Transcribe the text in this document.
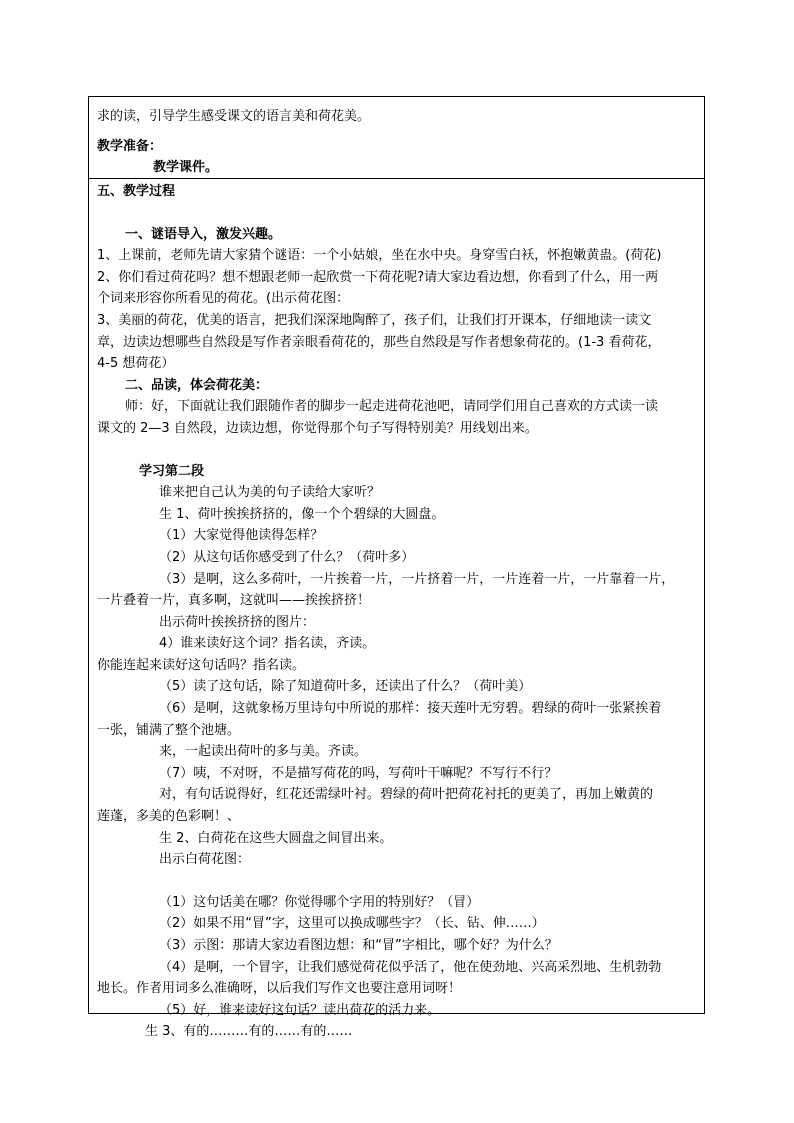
求的读，引导学生感受课文的语言美和荷花美。
教学准备：
教学课件。
五、教学过程
一、谜语导入，激发兴趣。
1、上课前，老师先请大家猜个谜语：一个小姑娘，坐在水中央。身穿雪白袄，怀抱嫩黄蛊。(荷花)
2、你们看过荷花吗？想不想跟老师一起欣赏一下荷花呢?请大家边看边想，你看到了什么，用一两
个词来形容你所看见的荷花。(出示荷花图：
3、美丽的荷花，优美的语言，把我们深深地陶醉了，孩子们，让我们打开课本，仔细地读一读文
章，边读边想哪些自然段是写作者亲眼看荷花的，那些自然段是写作者想象荷花的。(1-3 看荷花，
4-5 想荷花）
二、品读，体会荷花美：
师：好，下面就让我们跟随作者的脚步一起走进荷花池吧，请同学们用自己喜欢的方式读一读
课文的 2—3 自然段，边读边想，你觉得那个句子写得特别美？用线划出来。
学习第二段
谁来把自己认为美的句子读给大家听？
生 1、荷叶挨挨挤挤的，像一个个碧绿的大圆盘。
（1）大家觉得他读得怎样？
（2）从这句话你感受到了什么？（荷叶多）
（3）是啊，这么多荷叶，一片挨着一片，一片挤着一片，一片连着一片，一片靠着一片，
一片叠着一片，真多啊，这就叫——挨挨挤挤！
出示荷叶挨挨挤挤的图片：
4）谁来读好这个词？指名读，齐读。
你能连起来读好这句话吗？指名读。
（5）读了这句话，除了知道荷叶多，还读出了什么？（荷叶美）
（6）是啊，这就象杨万里诗句中所说的那样：接天莲叶无穷碧。碧绿的荷叶一张紧挨着
一张，铺满了整个池塘。
来，一起读出荷叶的多与美。齐读。
（7）咦，不对呀，不是描写荷花的吗，写荷叶干嘛呢？不写行不行？
对，有句话说得好，红花还需绿叶衬。碧绿的荷叶把荷花衬托的更美了，再加上嫩黄的
莲蓬，多美的色彩啊！、
生 2、白荷花在这些大圆盘之间冒出来。
出示白荷花图：
（1）这句话美在哪？你觉得哪个字用的特别好？（冒）
（2）如果不用“冒”字，这里可以换成哪些字？（长、钻、伸……）
（3）示图：那请大家边看图边想：和“冒”字相比，哪个好？为什么？
（4）是啊，一个冒字，让我们感觉荷花似乎活了，他在使劲地、兴高采烈地、生机勃勃
地长。作者用词多么准确呀，以后我们写作文也要注意用词呀！
（5）好，谁来读好这句话？读出荷花的活力来。
生 3、有的………有的……有的……
